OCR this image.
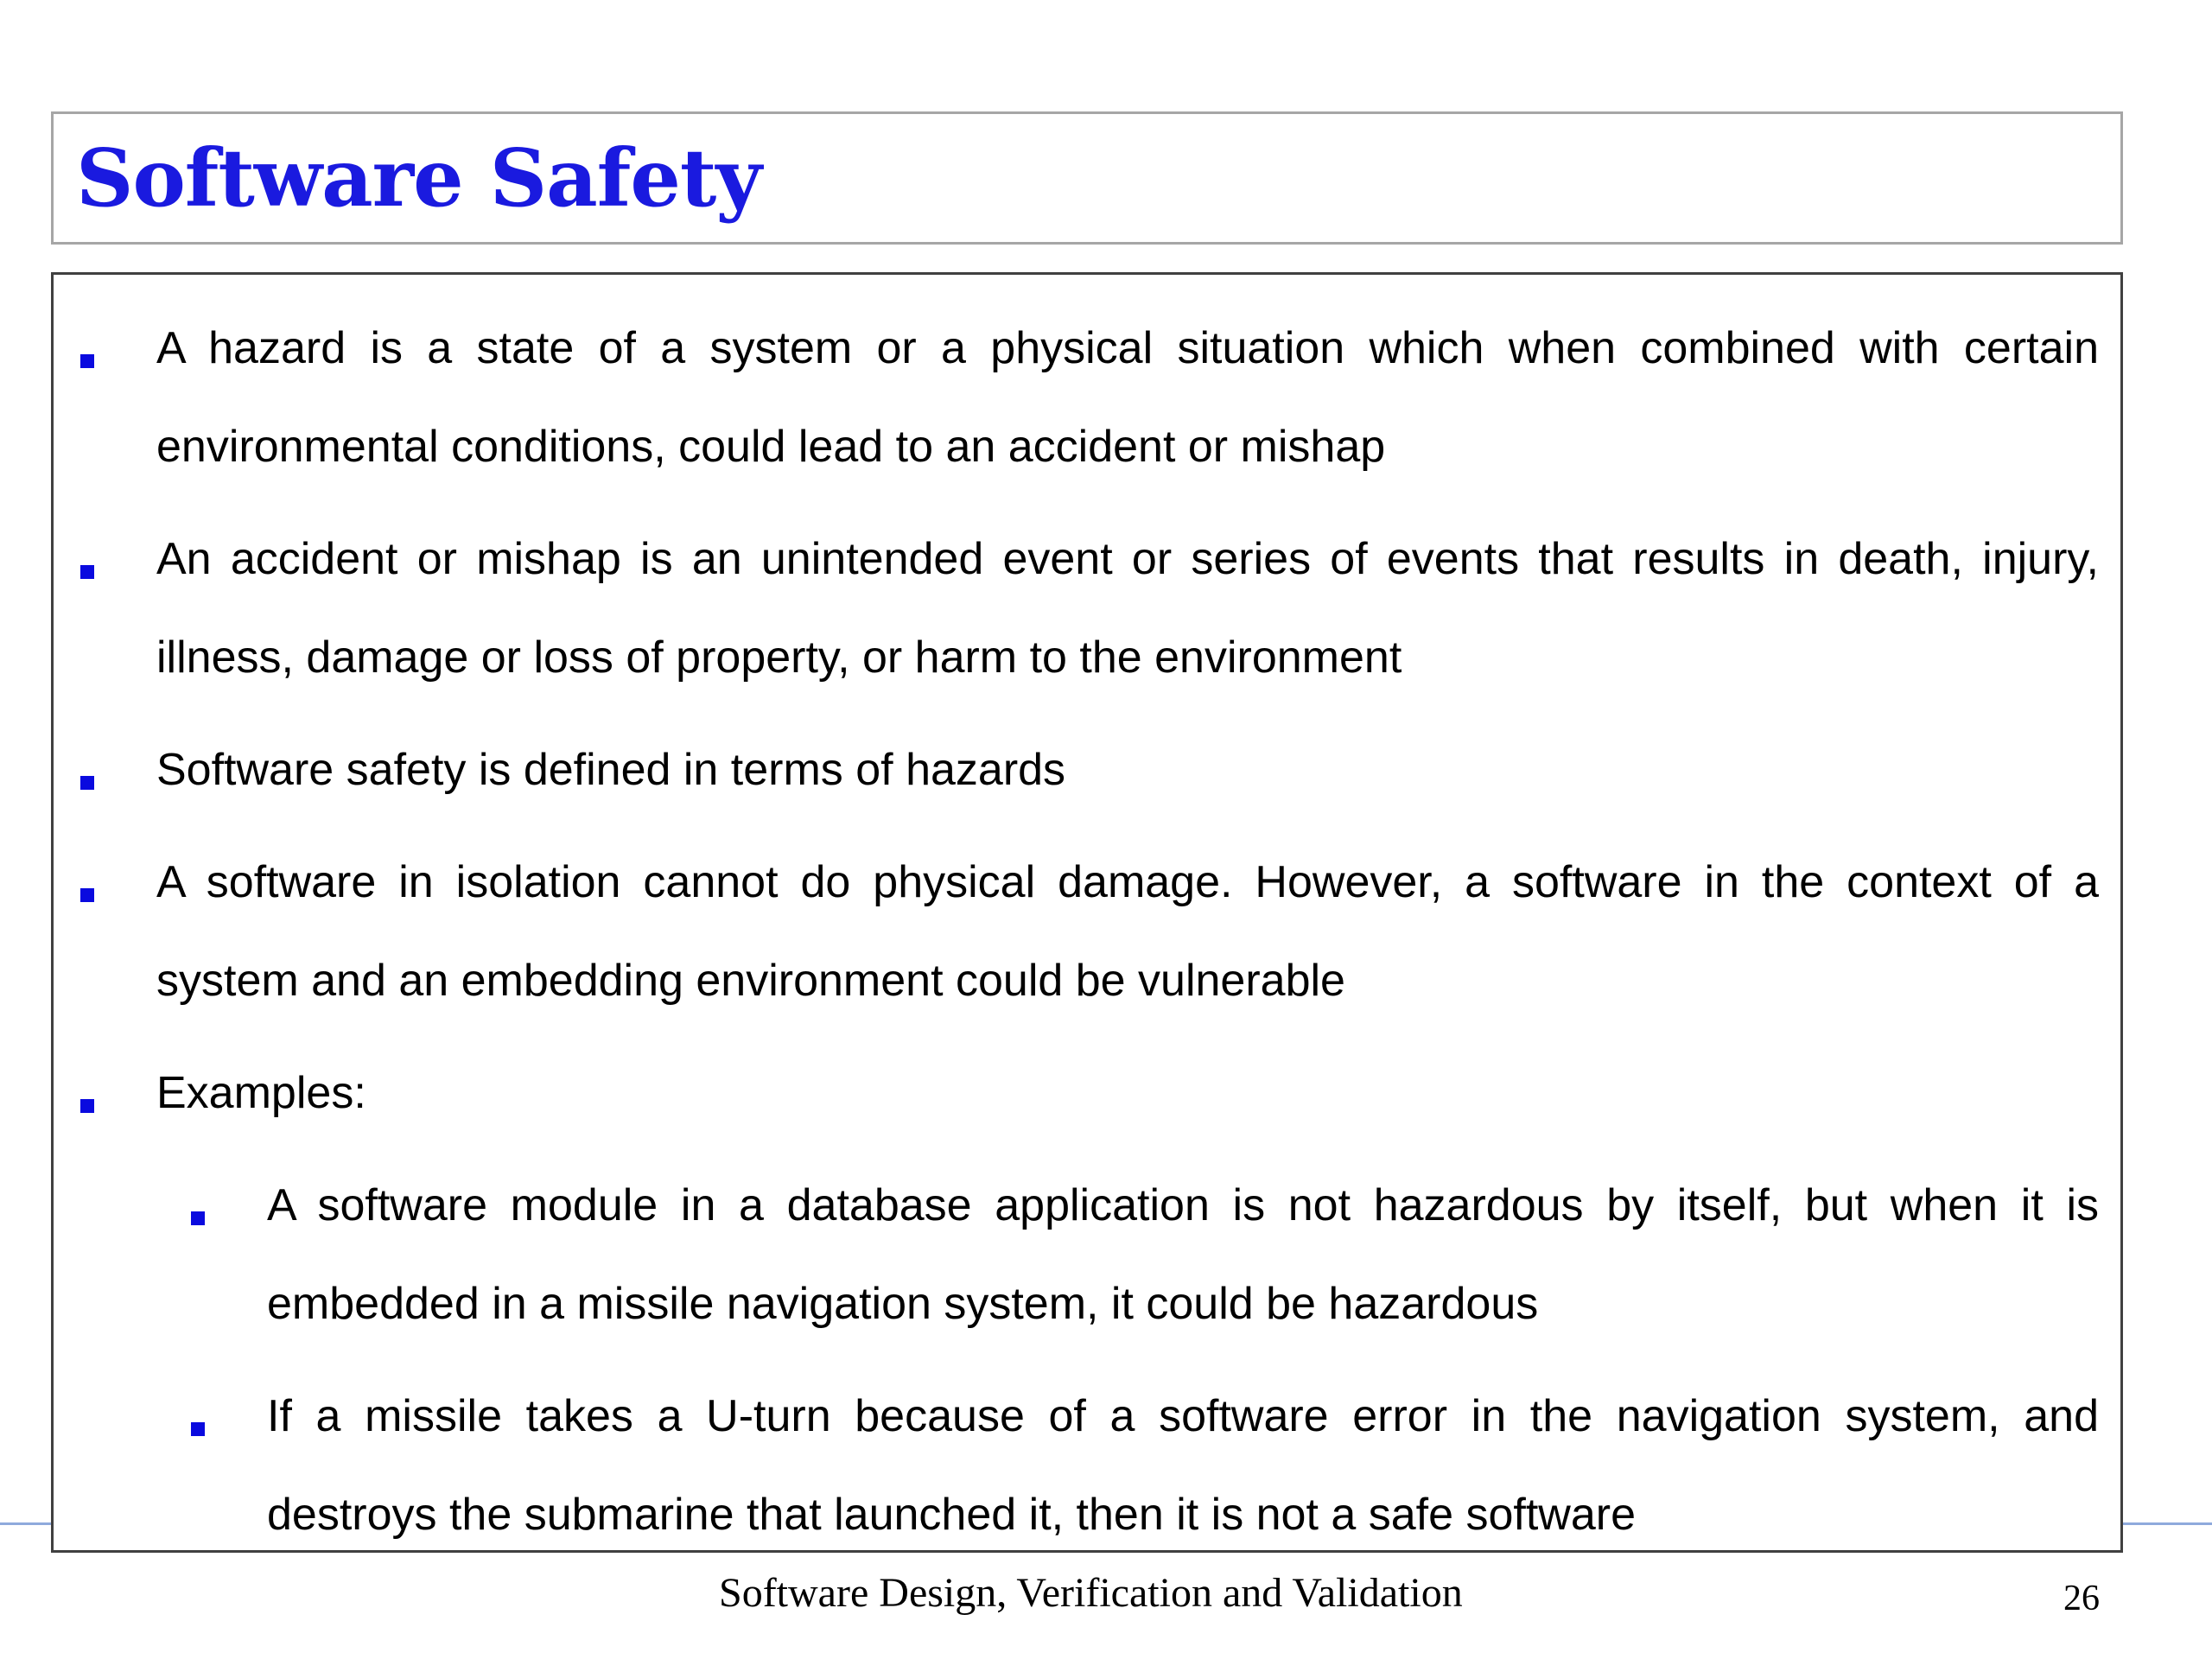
Software Safety
A hazard is a state of a system or a physical situation which when combined with certain environmental conditions, could lead to an accident or mishap
An accident or mishap is an unintended event or series of events that results in death, injury, illness, damage or loss of property, or harm to the environment
Software safety is defined in terms of hazards
A software in isolation cannot do physical damage. However, a software in the context of a system and an embedding environment could be vulnerable
Examples:
A software module in a database application is not hazardous by itself, but when it is embedded in a missile navigation system, it could be hazardous
If a missile takes a U-turn because of a software error in the navigation system, and destroys the submarine that launched it, then it is not a safe software

Software Design, Verification and Validation	26
